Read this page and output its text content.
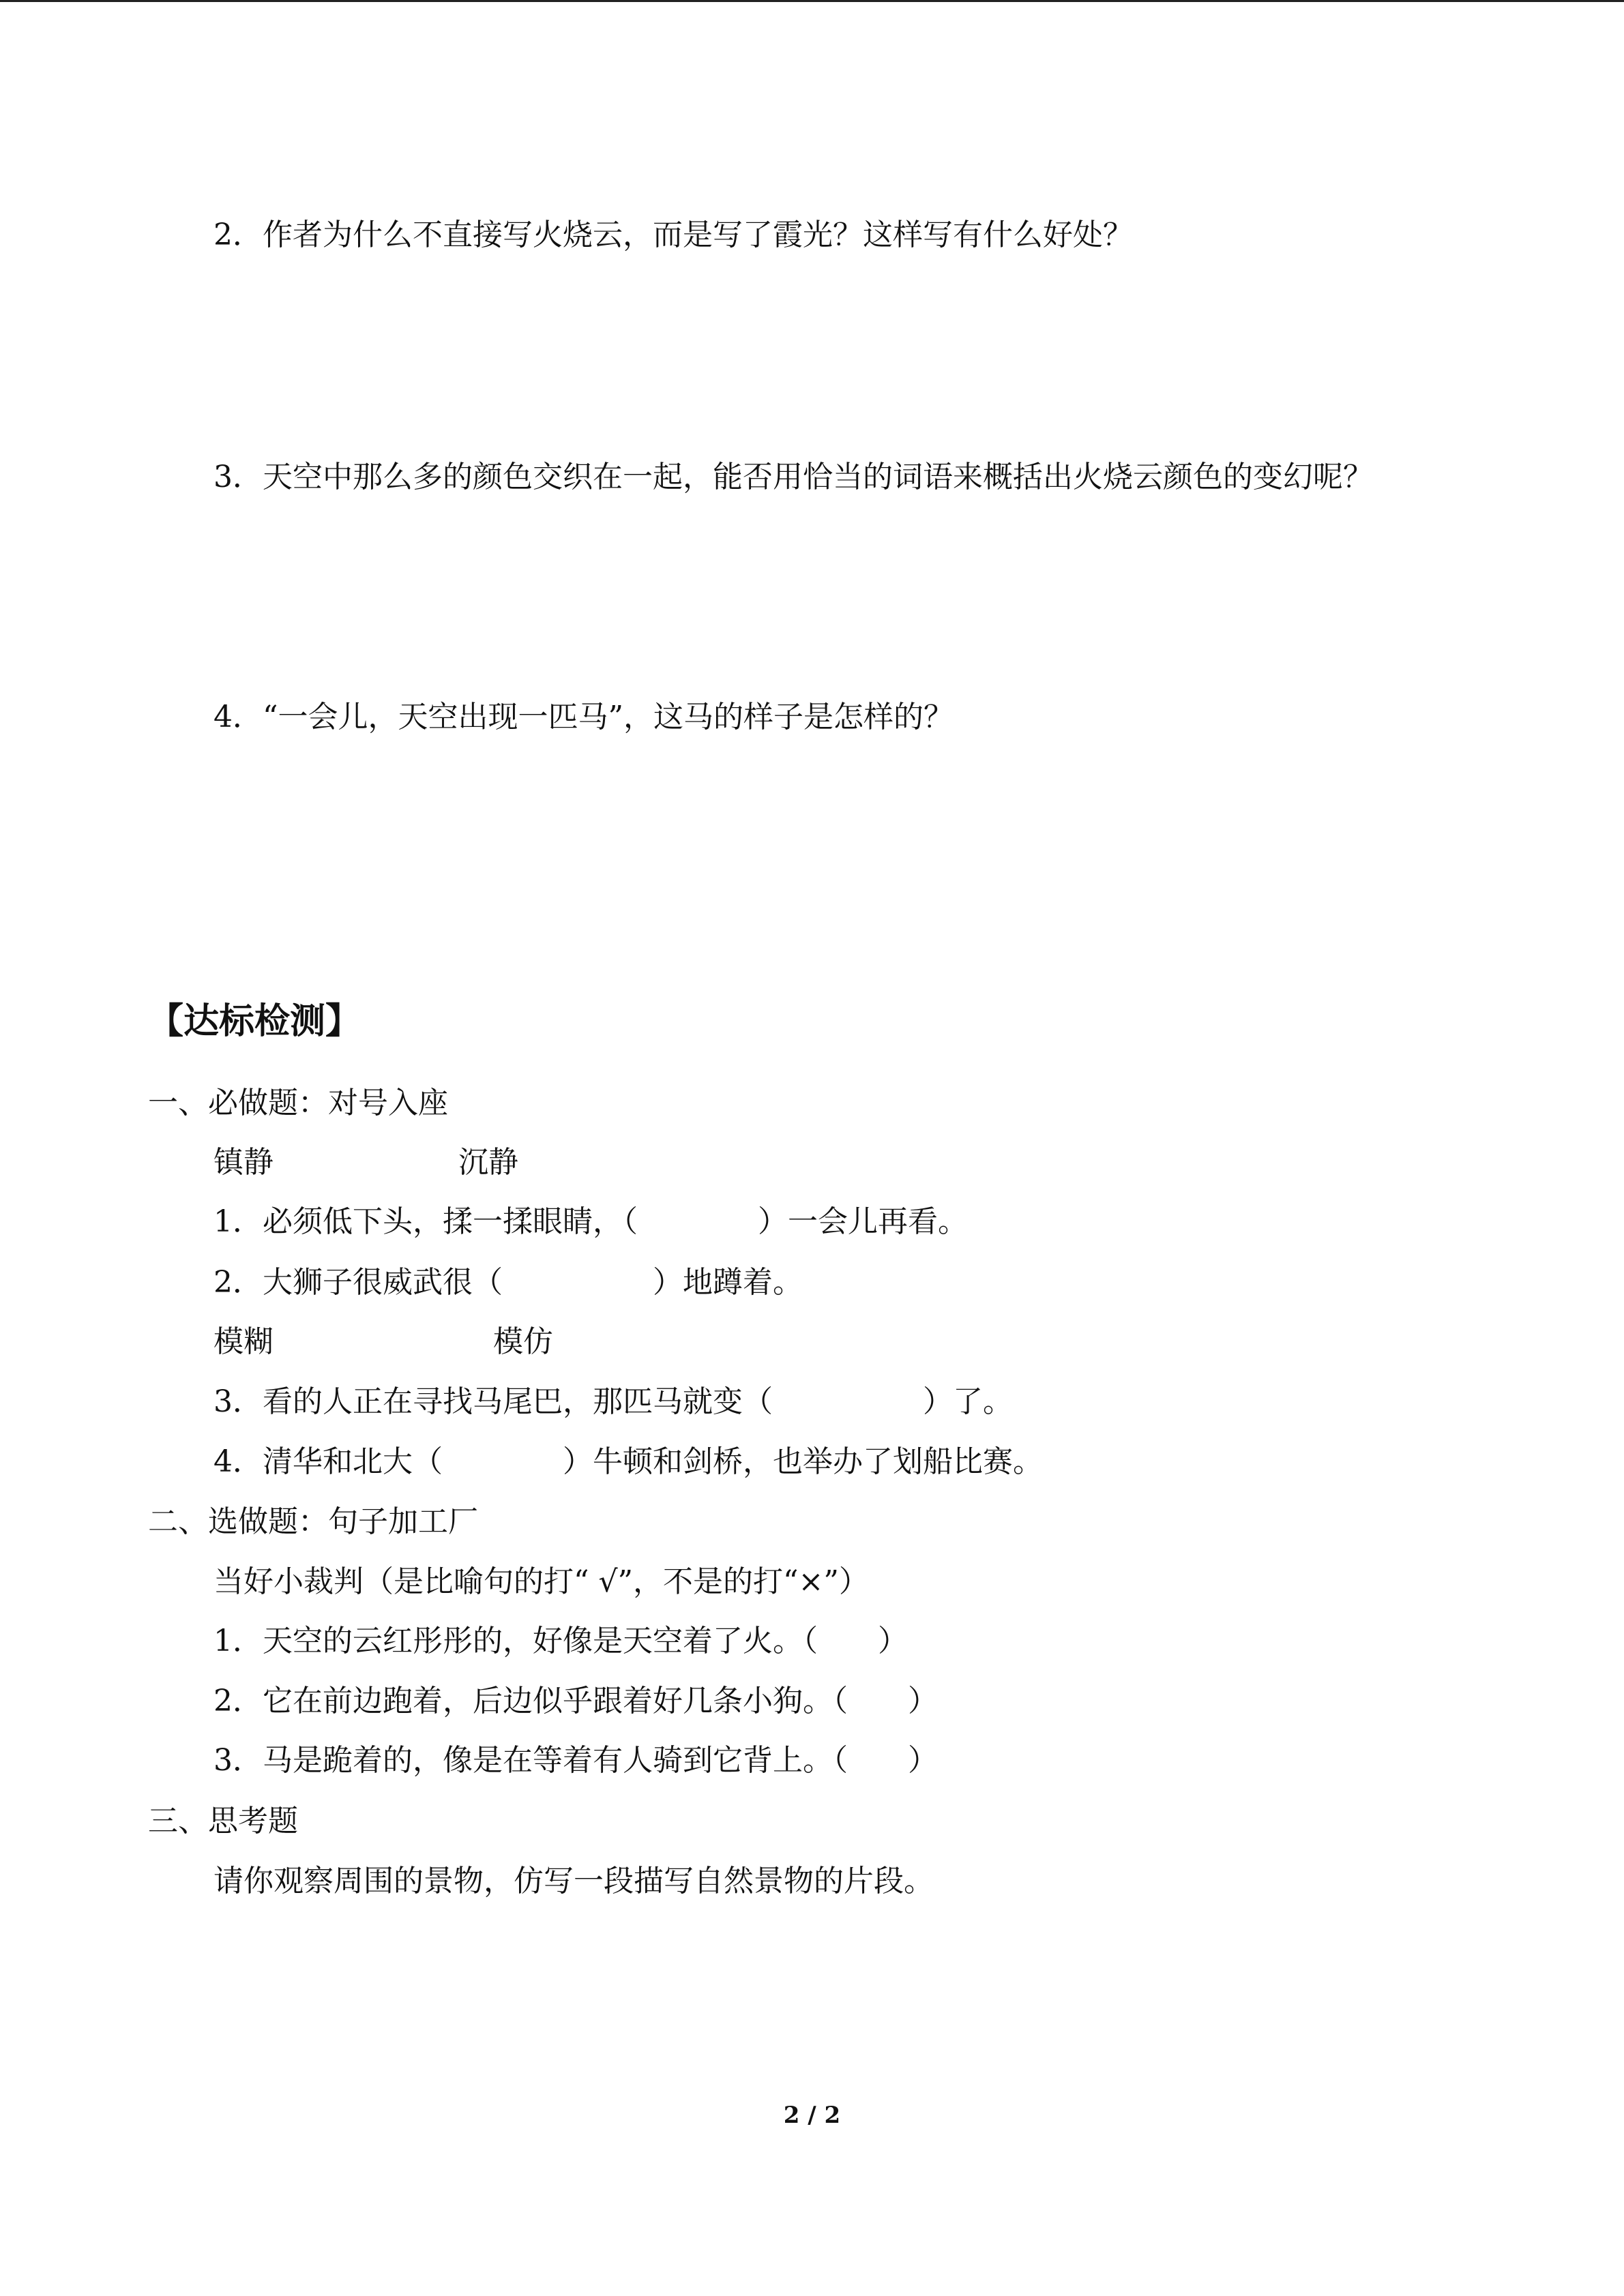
2．作者为什么不直接写火烧云，而是写了霞光？这样写有什么好处？
3．天空中那么多的颜色交织在一起，能否用恰当的词语来概括出火烧云颜色的变幻呢？
4．“一会儿，天空出现一匹马”，这马的样子是怎样的？
【达标检测】
一、必做题：对号入座
镇静	沉静
1．必须低下头，揉一揉眼睛，（　　　　）一会儿再看。
2．大狮子很威武很（　　　　　）地蹲着。
模糊	模仿
3．看的人正在寻找马尾巴，那匹马就变（　　　　　）了。
4．清华和北大（　　　　）牛顿和剑桥，也举办了划船比赛。
二、选做题：句子加工厂
当好小裁判（是比喻句的打“ √”，不是的打“×”）
1．天空的云红彤彤的，好像是天空着了火。（　　）
2．它在前边跑着，后边似乎跟着好几条小狗。（　　）
3．马是跪着的，像是在等着有人骑到它背上。（　　）
三、思考题
请你观察周围的景物，仿写一段描写自然景物的片段。
2 / 2
